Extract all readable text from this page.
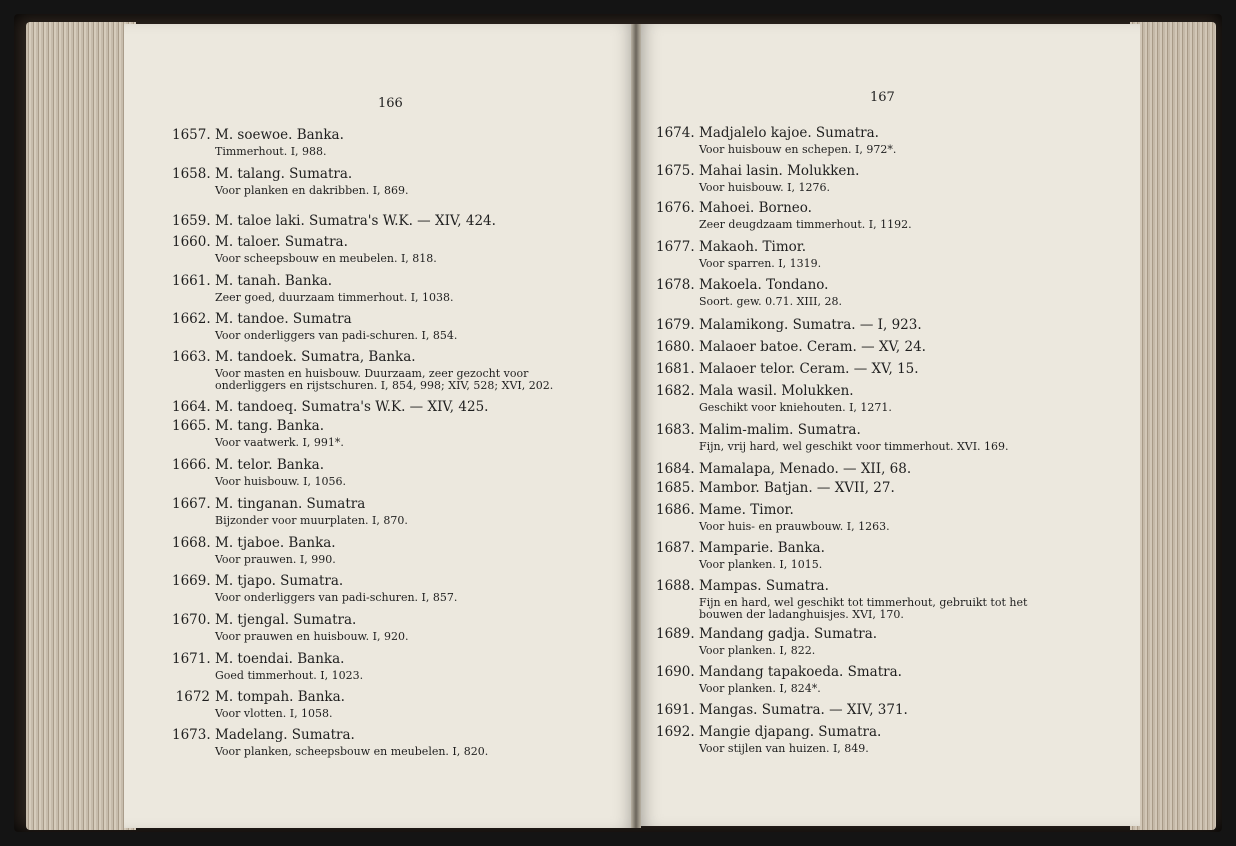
166
1657. M. soewoe. Banka.
Timmerhout. I, 988.
1658. M. talang. Sumatra.
Voor planken en dakribben. I, 869.
1659. M. taloe laki. Sumatra's W.K. — XIV, 424.
1660. M. taloer. Sumatra.
Voor scheepsbouw en meubelen. I, 818.
1661. M. tanah. Banka.
Zeer goed, duurzaam timmerhout. I, 1038.
1662. M. tandoe. Sumatra
Voor onderliggers van padi-schuren. I, 854.
1663. M. tandoek. Sumatra, Banka.
Voor masten en huisbouw. Duurzaam, zeer gezocht voor onderliggers en rijstschuren. I, 854, 998; XIV, 528; XVI, 202.
1664. M. tandoeq. Sumatra's W.K. — XIV, 425.
1665. M. tang. Banka.
Voor vaatwerk. I, 991*.
1666. M. telor. Banka.
Voor huisbouw. I, 1056.
1667. M. tinganan. Sumatra
Bijzonder voor muurplaten. I, 870.
1668. M. tjaboe. Banka.
Voor prauwen. I, 990.
1669. M. tjapo. Sumatra.
Voor onderliggers van padi-schuren. I, 857.
1670. M. tjengal. Sumatra.
Voor prauwen en huisbouw. I, 920.
1671. M. toendai. Banka.
Goed timmerhout. I, 1023.
1672 M. tompah. Banka.
Voor vlotten. I, 1058.
1673. Madelang. Sumatra.
Voor planken, scheepsbouw en meubelen. I, 820.
167
1674. Madjalelo kajoe. Sumatra.
Voor huisbouw en schepen. I, 972*.
1675. Mahai lasin. Molukken.
Voor huisbouw. I, 1276.
1676. Mahoei. Borneo.
Zeer deugdzaam timmerhout. I, 1192.
1677. Makaoh. Timor.
Voor sparren. I, 1319.
1678. Makoela. Tondano.
Soort. gew. 0.71. XIII, 28.
1679. Malamikong. Sumatra. — I, 923.
1680. Malaoer batoe. Ceram. — XV, 24.
1681. Malaoer telor. Ceram. — XV, 15.
1682. Mala wasil. Molukken.
Geschikt voor kniehouten. I, 1271.
1683. Malim-malim. Sumatra.
Fijn, vrij hard, wel geschikt voor timmerhout. XVI. 169.
1684. Mamalapa, Menado. — XII, 68.
1685. Mambor. Batjan. — XVII, 27.
1686. Mame. Timor.
Voor huis- en prauwbouw. I, 1263.
1687. Mamparie. Banka.
Voor planken. I, 1015.
1688. Mampas. Sumatra.
Fijn en hard, wel geschikt tot timmerhout, gebruikt tot het bouwen der ladanghuisjes. XVI, 170.
1689. Mandang gadja. Sumatra.
Voor planken. I, 822.
1690. Mandang tapakoeda. Smatra.
Voor planken. I, 824*.
1691. Mangas. Sumatra. — XIV, 371.
1692. Mangie djapang. Sumatra.
Voor stijlen van huizen. I, 849.
